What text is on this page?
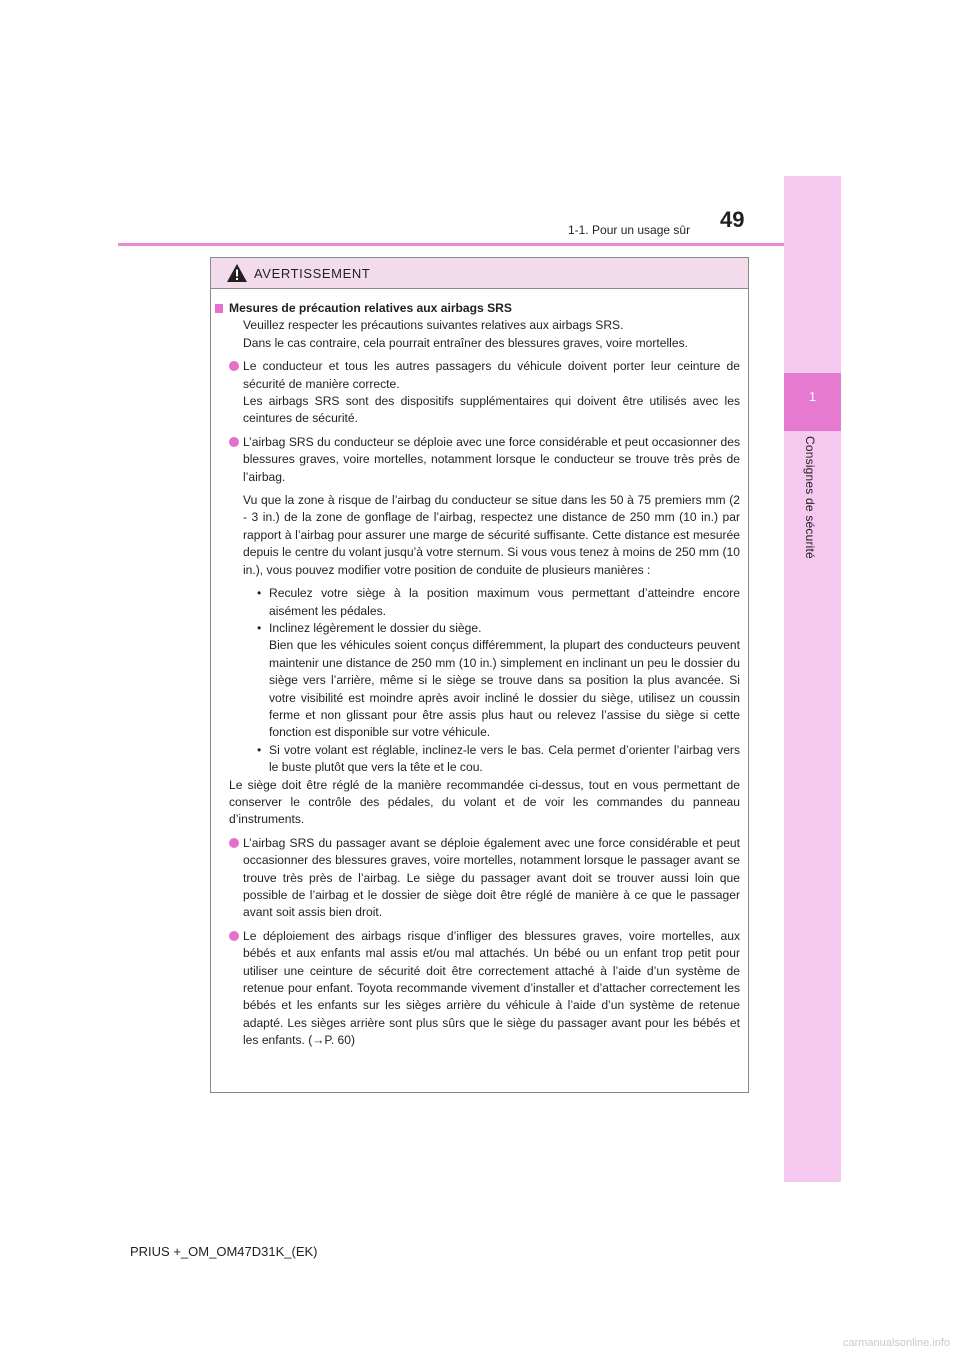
49
1-1. Pour un usage sûr
1
Consignes de sécurité
AVERTISSEMENT

Mesures de précaution relatives aux airbags SRS

Veuillez respecter les précautions suivantes relatives aux airbags SRS.

Dans le cas contraire, cela pourrait entraîner des blessures graves, voire mortelles.

Le conducteur et tous les autres passagers du véhicule doivent porter leur ceinture de sécurité de manière correcte.

Les airbags SRS sont des dispositifs supplémentaires qui doivent être utilisés avec les ceintures de sécurité.

L’airbag SRS du conducteur se déploie avec une force considérable et peut occasionner des blessures graves, voire mortelles, notamment lorsque le conducteur se trouve très près de l’airbag.

Vu que la zone à risque de l’airbag du conducteur se situe dans les 50 à 75 premiers mm (2 - 3 in.) de la zone de gonflage de l’airbag, respectez une distance de 250 mm (10 in.) par rapport à l’airbag pour assurer une marge de sécurité suffisante. Cette distance est mesurée depuis le centre du volant jusqu’à votre sternum. Si vous vous tenez à moins de 250 mm (10 in.), vous pouvez modifier votre position de conduite de plusieurs manières :

• Reculez votre siège à la position maximum vous permettant d’atteindre encore aisément les pédales.
• Inclinez légèrement le dossier du siège.
Bien que les véhicules soient conçus différemment, la plupart des conducteurs peuvent maintenir une distance de 250 mm (10 in.) simplement en inclinant un peu le dossier du siège vers l’arrière, même si le siège se trouve dans sa position la plus avancée. Si votre visibilité est moindre après avoir incliné le dossier du siège, utilisez un coussin ferme et non glissant pour être assis plus haut ou relevez l’assise du siège si cette fonction est disponible sur votre véhicule.
• Si votre volant est réglable, inclinez-le vers le bas. Cela permet d’orienter l’airbag vers le buste plutôt que vers la tête et le cou.

Le siège doit être réglé de la manière recommandée ci-dessus, tout en vous permettant de conserver le contrôle des pédales, du volant et de voir les commandes du panneau d’instruments.

L’airbag SRS du passager avant se déploie également avec une force considérable et peut occasionner des blessures graves, voire mortelles, notamment lorsque le passager avant se trouve très près de l’airbag. Le siège du passager avant doit se trouver aussi loin que possible de l’airbag et le dossier de siège doit être réglé de manière à ce que le passager avant soit assis bien droit.

Le déploiement des airbags risque d’infliger des blessures graves, voire mortelles, aux bébés et aux enfants mal assis et/ou mal attachés. Un bébé ou un enfant trop petit pour utiliser une ceinture de sécurité doit être correctement attaché à l’aide d’un système de retenue pour enfant. Toyota recommande vivement d’installer et d’attacher correctement les bébés et les enfants sur les sièges arrière du véhicule à l’aide d’un système de retenue adapté. Les sièges arrière sont plus sûrs que le siège du passager avant pour les bébés et les enfants. (→P. 60)

PRIUS +_OM_OM47D31K_(EK)
carmanualsonline.info
